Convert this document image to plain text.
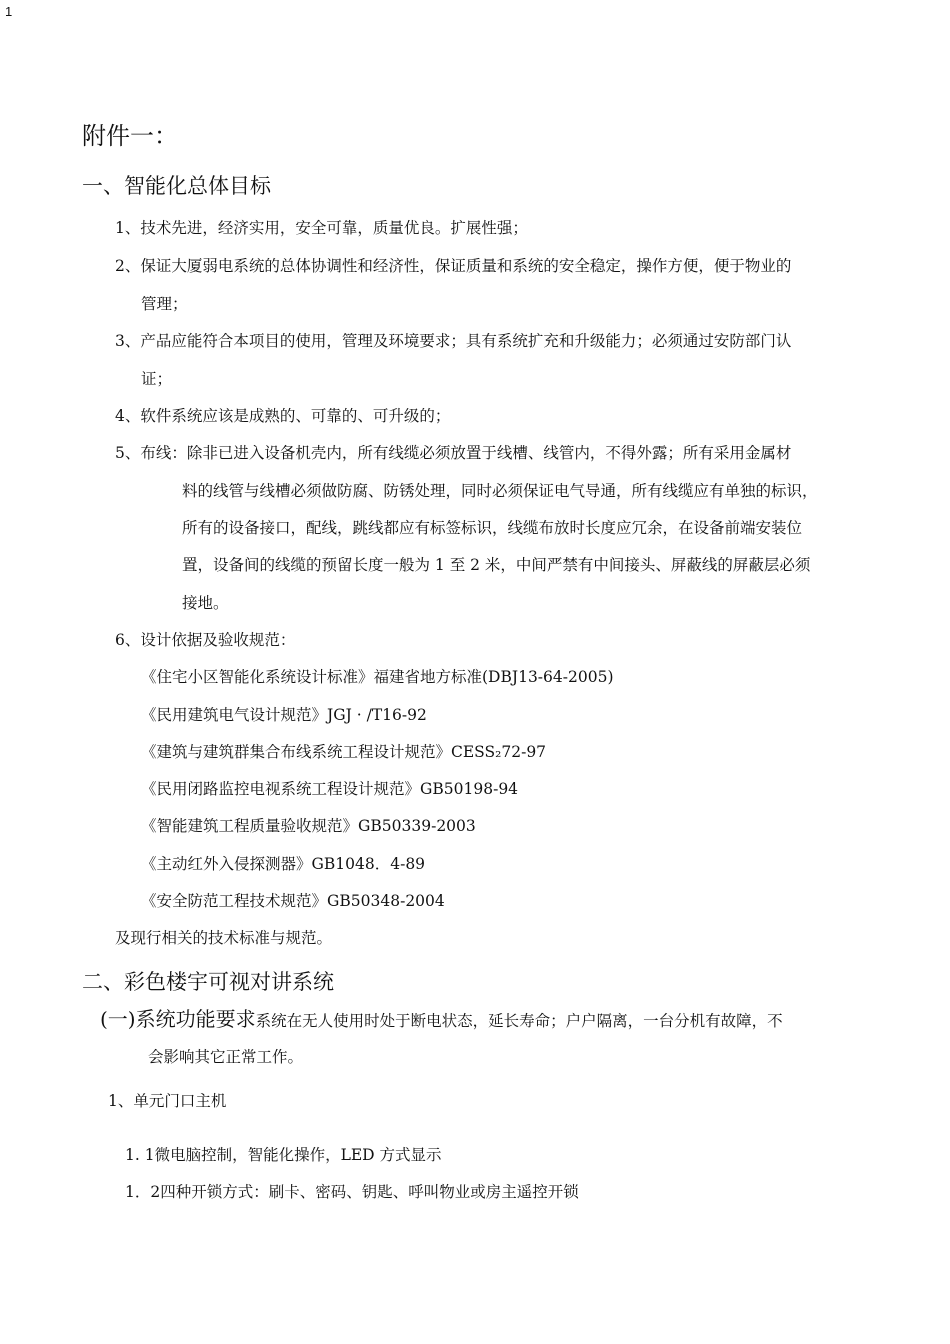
1
附件一：
一、智能化总体目标
1、技术先进，经济实用，安全可靠，质量优良。扩展性强；
2、保证大厦弱电系统的总体协调性和经济性，保证质量和系统的安全稳定，操作方便，便于物业的
管理；
3、产品应能符合本项目的使用，管理及环境要求；具有系统扩充和升级能力；必须通过安防部门认
证；
4、软件系统应该是成熟的、可靠的、可升级的；
5、布线：除非已进入设备机壳内，所有线缆必须放置于线槽、线管内，不得外露；所有采用金属材
料的线管与线槽必须做防腐、防锈处理，同时必须保证电气导通，所有线缆应有单独的标识，
所有的设备接口，配线，跳线都应有标签标识，线缆布放时长度应冗余，在设备前端安装位
置，设备间的线缆的预留长度一般为 1 至 2 米，中间严禁有中间接头、屏蔽线的屏蔽层必须
接地。
6、设计依据及验收规范：
《住宅小区智能化系统设计标准》福建省地方标准(DBJ13-64-2005)
《民用建筑电气设计规范》JGJ · /T16-92
《建筑与建筑群集合布线系统工程设计规范》CESS₂72-97
《民用闭路监控电视系统工程设计规范》GB50198-94
《智能建筑工程质量验收规范》GB50339-2003
《主动红外入侵探测器》GB1048．4-89
《安全防范工程技术规范》GB50348-2004
及现行相关的技术标准与规范。
二、彩色楼宇可视对讲系统
(一)系统功能要求系统在无人使用时处于断电状态，延长寿命；户户隔离，一台分机有故障，不
会影响其它正常工作。
1、单元门口主机
1. 1微电脑控制，智能化操作，LED 方式显示
1．2四种开锁方式：刷卡、密码、钥匙、呼叫物业或房主遥控开锁
